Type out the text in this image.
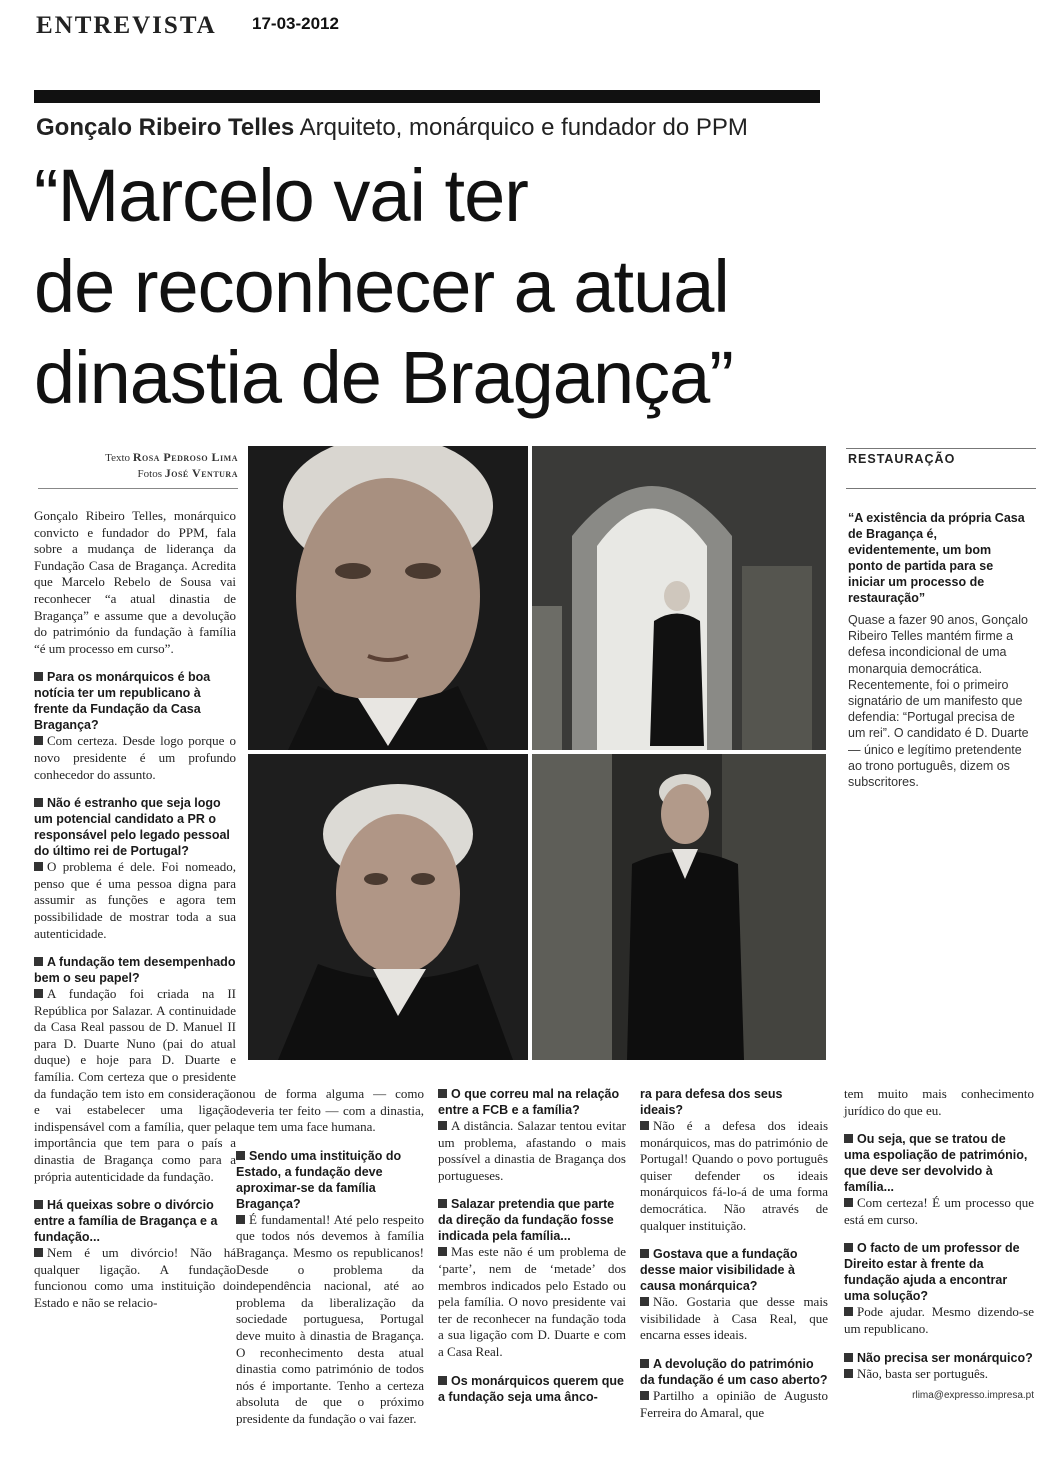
ENTREVISTA 17-03-2012
Gonçalo Ribeiro Telles Arquiteto, monárquico e fundador do PPM
“Marcelo vai ter
de reconhecer a atual
dinastia de Bragança”
Texto Rosa Pedroso Lima
Fotos José Ventura

Gonçalo Ribeiro Telles, monárquico convicto e fundador do PPM, fala sobre a mudança de liderança da Fundação Casa de Bragança. Acredita que Marcelo Rebelo de Sousa vai reconhecer “a atual dinastia de Bragança” e assume que a devolução do património da fundação à família “é um processo em curso”.

Para os monárquicos é boa notícia ter um republicano à frente da Fundação da Casa Bragança?
Com certeza. Desde logo porque o novo presidente é um profundo conhecedor do assunto.
Não é estranho que seja logo um potencial candidato a PR o responsável pelo legado pessoal do último rei de Portugal?
O problema é dele. Foi nomeado, penso que é uma pessoa digna para assumir as funções e agora tem possibilidade de mostrar toda a sua autenticidade.
A fundação tem desempenhado bem o seu papel?
A fundação foi criada na II República por Salazar. A continuidade da Casa Real passou de D. Manuel II para D. Duarte Nuno (pai do atual duque) e hoje para D. Duarte e família. Com certeza que o presidente da fundação tem isto em consideração e vai estabelecer uma ligação indispensável com a família, quer pela importância que tem para o país a dinastia de Bragança como para a própria autenticidade da fundação.
Há queixas sobre o divórcio entre a família de Bragança e a fundação...
Nem é um divórcio! Não há qualquer ligação. A fundação funcionou como uma instituição do Estado e não se relacio-
RESTAURAÇÃO
“A existência da própria Casa de Bragança é, evidentemente, um bom ponto de partida para se iniciar um processo de restauração”
Quase a fazer 90 anos, Gonçalo Ribeiro Telles mantém firme a defesa incondicional de uma monarquia democrática. Recentemente, foi o primeiro signatário de um manifesto que defendia: “Portugal precisa de um rei”. O candidato é D. Duarte — único e legítimo pretendente ao trono português, dizem os subscritores.

nou de forma alguma — como deveria ter feito — com a dinastia, que tem uma face humana.

Sendo uma instituição do Estado, a fundação deve aproximar-se da família Bragança?
É fundamental! Até pelo respeito que todos nós devemos à família Bragança. Mesmo os republicanos! Desde o problema da independência nacional, até ao problema da liberalização da sociedade portuguesa, Portugal deve muito à dinastia de Bragança. O reconhecimento desta atual dinastia como património de todos nós é importante. Tenho a certeza absoluta de que o próximo presidente da fundação o vai fazer.
O que correu mal na relação entre a FCB e a família?
A distância. Salazar tentou evitar um problema, afastando o mais possível a dinastia de Bragança dos portugueses.
Salazar pretendia que parte da direção da fundação fosse indicada pela família...
Mas este não é um problema de ‘parte’, nem de ‘metade’ dos membros indicados pelo Estado ou pela família. O novo presidente vai ter de reconhecer na fundação toda a sua ligação com D. Duarte e com a Casa Real.
Os monárquicos querem que a fundação seja uma ânco-
ra para defesa dos seus ideais?
Não é a defesa dos ideais monárquicos, mas do património de Portugal! Quando o povo português quiser defender os ideais monárquicos fá-lo-á de uma forma democrática. Não através de qualquer instituição.
Gostava que a fundação desse maior visibilidade à causa monárquica?
Não. Gostaria que desse mais visibilidade à Casa Real, que encarna esses ideais.
A devolução do património da fundação é um caso aberto?
Partilho a opinião de Augusto Ferreira do Amaral, que

tem muito mais conhecimento jurídico do que eu.

Ou seja, que se tratou de uma espoliação de património, que deve ser devolvido à família...
Com certeza! É um processo que está em curso.
O facto de um professor de Direito estar à frente da fundação ajuda a encontrar uma solução?
Pode ajudar. Mesmo dizendo-se um republicano.
Não precisa ser monárquico?
Não, basta ser português.
rlima@expresso.impresa.pt
